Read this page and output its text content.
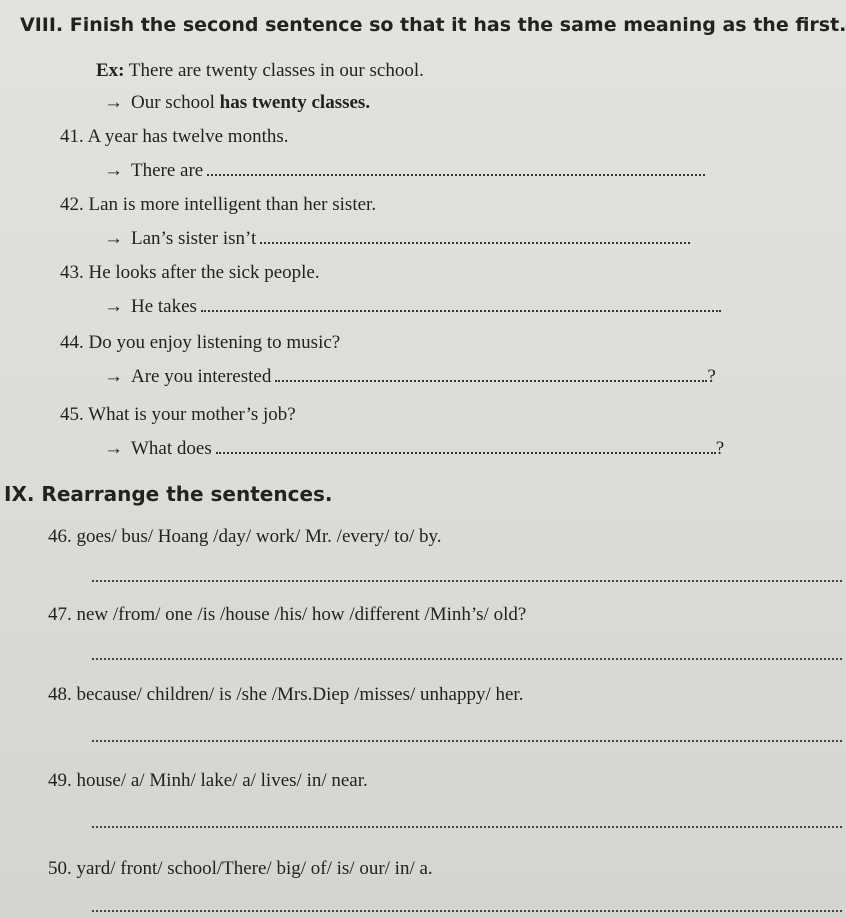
VIII. Finish the second sentence so that it has the same meaning as the first.
Ex: There are twenty classes in our school.
→ Our school has twenty classes.
41. A year has twelve months.
→ There are
42. Lan is more intelligent than her sister.
→ Lan’s sister isn’t
43. He looks after the sick people.
→ He takes
44. Do you enjoy listening to music?
→ Are you interested	?
45. What is your mother’s job?
→ What does	?
IX. Rearrange the sentences.
46. goes/ bus/ Hoang /day/ work/ Mr. /every/ to/ by.
47. new /from/ one /is /house /his/ how /different /Minh’s/ old?
48. because/ children/ is /she /Mrs.Diep /misses/ unhappy/ her.
49. house/ a/ Minh/ lake/ a/ lives/ in/ near.
50. yard/ front/ school/There/ big/ of/ is/ our/ in/ a.
